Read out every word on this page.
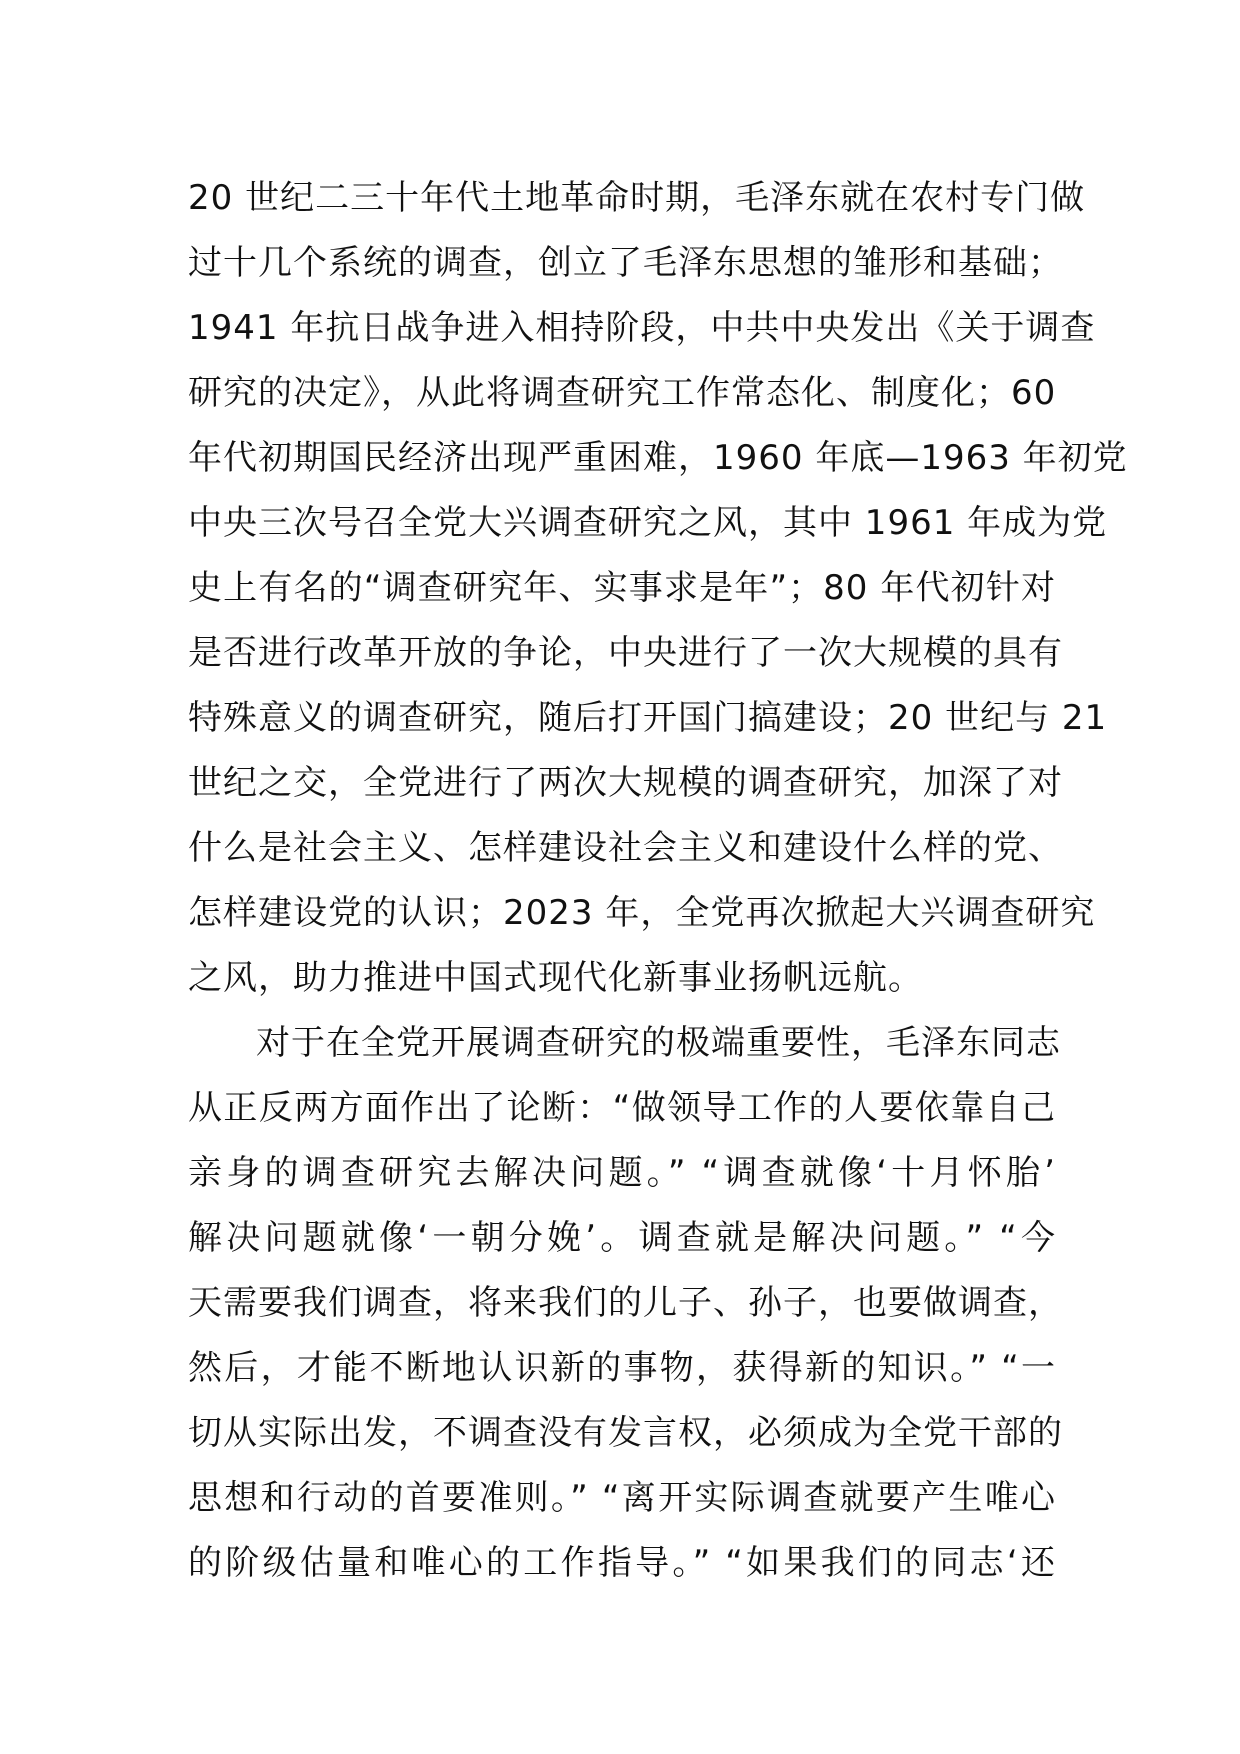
20 世纪二三十年代土地革命时期，毛泽东就在农村专门做
过十几个系统的调查，创立了毛泽东思想的雏形和基础；
1941 年抗日战争进入相持阶段，中共中央发出《关于调查
研究的决定》，从此将调查研究工作常态化、制度化；60
年代初期国民经济出现严重困难，1960 年底—1963 年初党
中央三次号召全党大兴调查研究之风，其中 1961 年成为党
史上有名的“调查研究年、实事求是年”；80 年代初针对
是否进行改革开放的争论，中央进行了一次大规模的具有
特殊意义的调查研究，随后打开国门搞建设；20 世纪与 21
世纪之交，全党进行了两次大规模的调查研究，加深了对
什么是社会主义、怎样建设社会主义和建设什么样的党、
怎样建设党的认识；2023 年，全党再次掀起大兴调查研究
之风，助力推进中国式现代化新事业扬帆远航。
对于在全党开展调查研究的极端重要性，毛泽东同志
从正反两方面作出了论断：“做领导工作的人要依靠自己
亲身的调查研究去解决问题。” “调查就像‘十月怀胎’
解决问题就像‘一朝分娩’。调查就是解决问题。” “今
天需要我们调查，将来我们的儿子、孙子，也要做调查，
然后，才能不断地认识新的事物，获得新的知识。” “一
切从实际出发，不调查没有发言权，必须成为全党干部的
思想和行动的首要准则。” “离开实际调查就要产生唯心
的阶级估量和唯心的工作指导。” “如果我们的同志‘还
